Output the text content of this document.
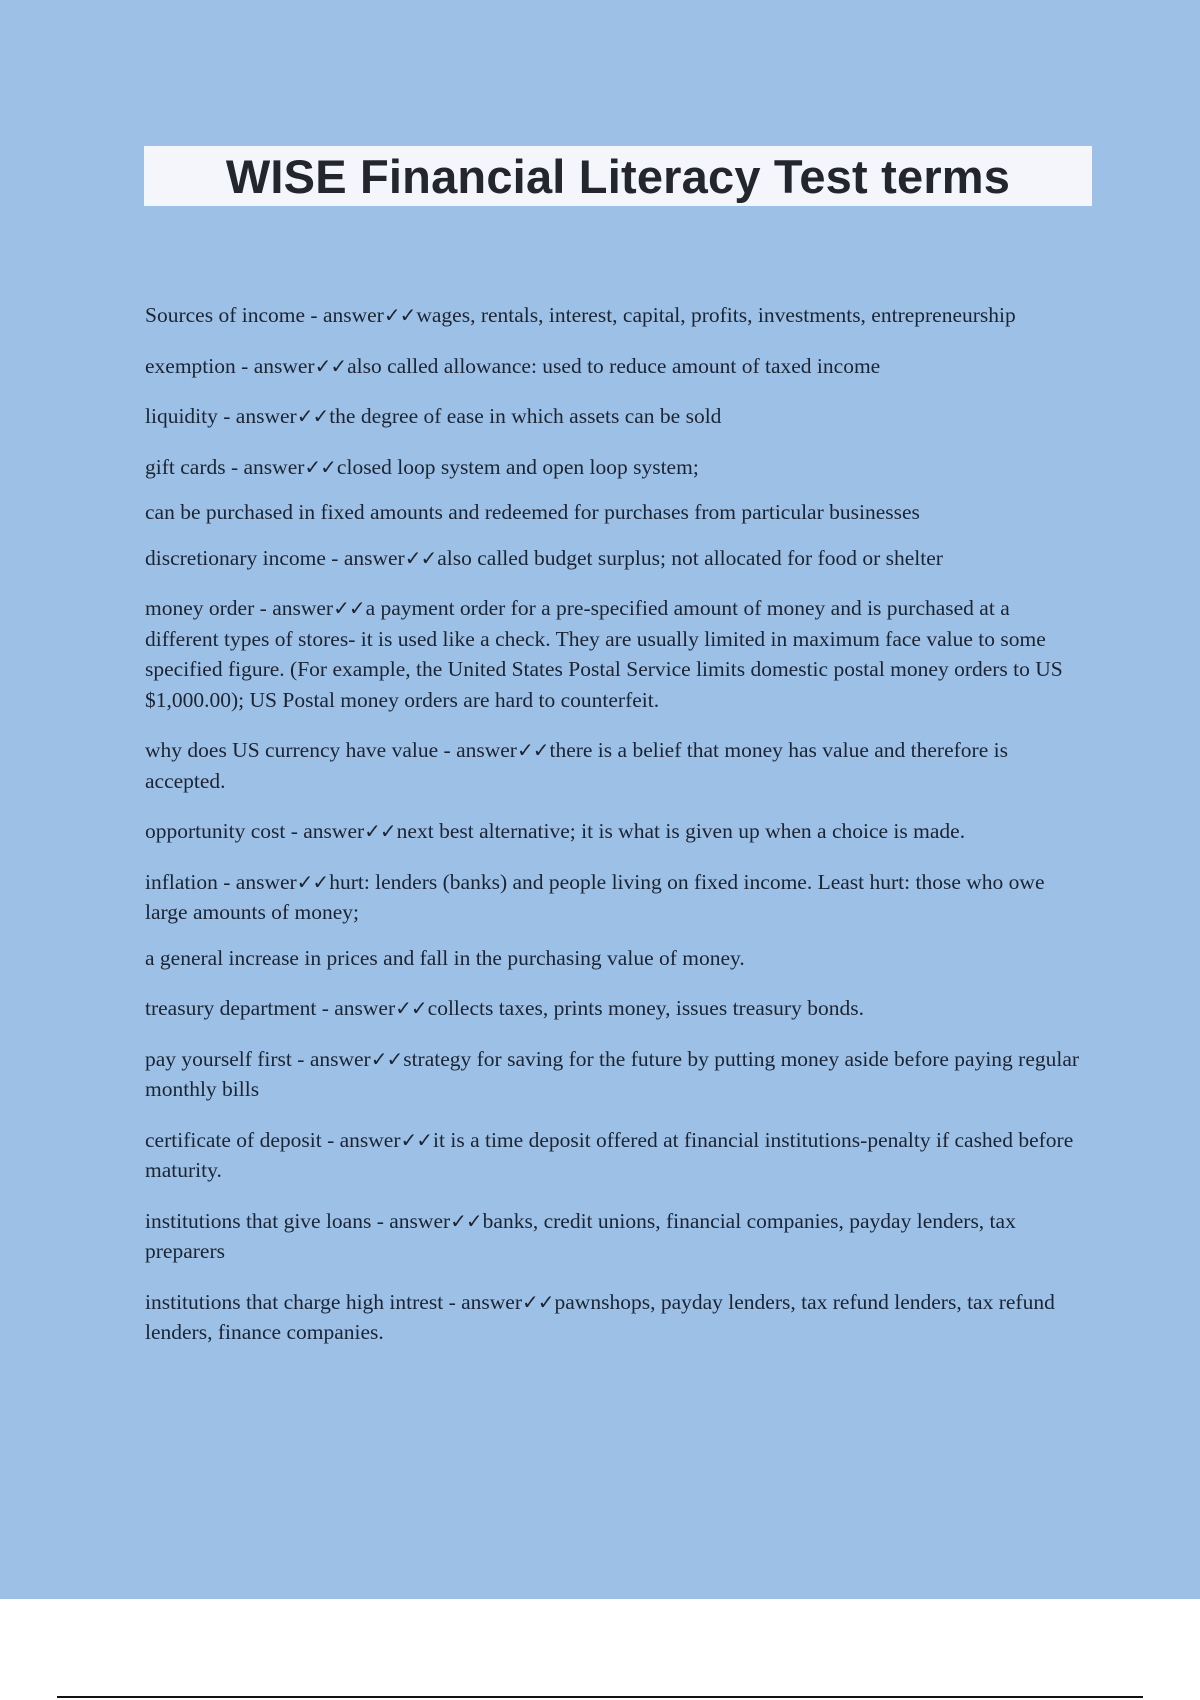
WISE Financial Literacy Test terms

Sources of income - answer✓✓wages, rentals, interest, capital, profits, investments, entrepreneurship

exemption - answer✓✓also called allowance: used to reduce amount of taxed income

liquidity - answer✓✓the degree of ease in which assets can be sold

gift cards - answer✓✓closed loop system and open loop system;

can be purchased in fixed amounts and redeemed for purchases from particular businesses

discretionary income - answer✓✓also called budget surplus; not allocated for food or shelter

money order - answer✓✓a payment order for a pre-specified amount of money and is purchased at a different types of stores- it is used like a check. They are usually limited in maximum face value to some specified figure. (For example, the United States Postal Service limits domestic postal money orders to US $1,000.00); US Postal money orders are hard to counterfeit.

why does US currency have value - answer✓✓there is a belief that money has value and therefore is accepted.

opportunity cost - answer✓✓next best alternative; it is what is given up when a choice is made.

inflation - answer✓✓hurt: lenders (banks) and people living on fixed income. Least hurt: those who owe large amounts of money;

a general increase in prices and fall in the purchasing value of money.

treasury department - answer✓✓collects taxes, prints money, issues treasury bonds.

pay yourself first - answer✓✓strategy for saving for the future by putting money aside before paying regular monthly bills

certificate of deposit - answer✓✓it is a time deposit offered at financial institutions-penalty if cashed before maturity.

institutions that give loans - answer✓✓banks, credit unions, financial companies, payday lenders, tax preparers

institutions that charge high intrest - answer✓✓pawnshops, payday lenders, tax refund lenders, tax refund lenders, finance companies.
